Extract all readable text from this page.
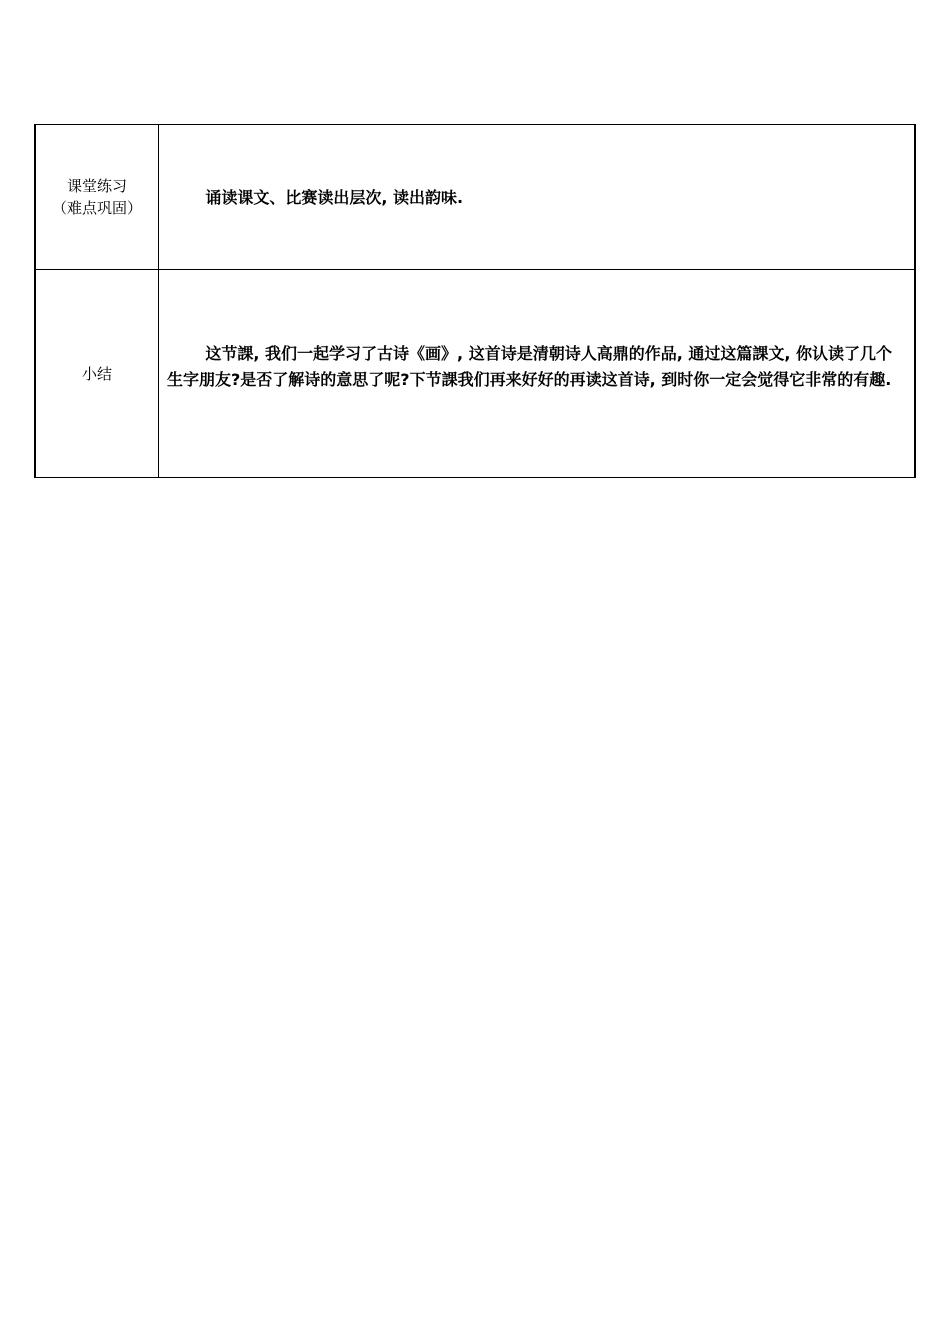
课堂练习
（难点巩固）	诵读课文、比赛读出层次, 读出韵味.

小结	这节課, 我们一起学习了古诗《画》, 这首诗是清朝诗人高鼎的作品, 通过这篇課文, 你认读了几个生字朋友?是否了解诗的意思了呢?下节課我们再来好好的再读这首诗, 到时你一定会觉得它非常的有趣.
